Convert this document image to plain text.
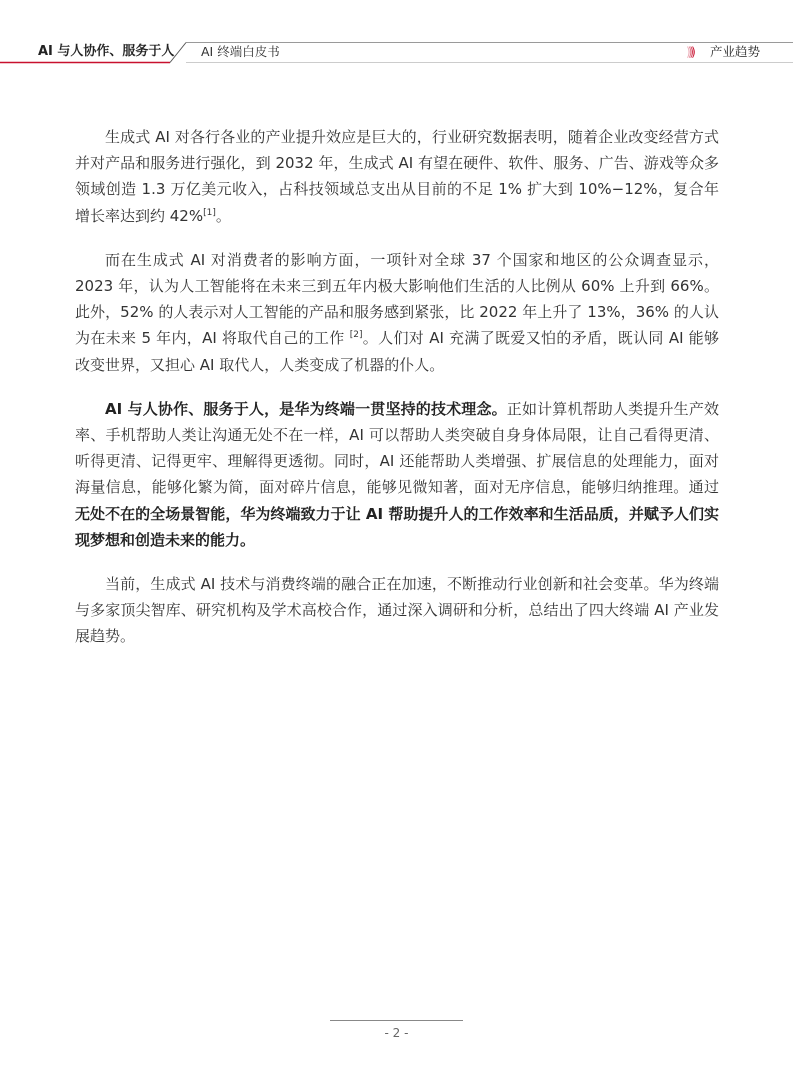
AI 与人协作、服务于人 AI 终端白皮书	)))) 产业趋势

生成式 AI 对各行各业的产业提升效应是巨大的，行业研究数据表明，随着企业改变经营方式并对产品和服务进行强化，到 2032 年，生成式 AI 有望在硬件、软件、服务、广告、游戏等众多领域创造 1.3 万亿美元收入，占科技领域总支出从目前的不足 1% 扩大到 10%−12%，复合年增长率达到约 42%[1]。

而在生成式 AI 对消费者的影响方面，一项针对全球 37 个国家和地区的公众调查显示，2023 年，认为人工智能将在未来三到五年内极大影响他们生活的人比例从 60% 上升到 66%。此外，52% 的人表示对人工智能的产品和服务感到紧张，比 2022 年上升了 13%，36% 的人认为在未来 5 年内，AI 将取代自己的工作 [2]。人们对 AI 充满了既爱又怕的矛盾，既认同 AI 能够改变世界，又担心 AI 取代人，人类变成了机器的仆人。

AI 与人协作、服务于人，是华为终端一贯坚持的技术理念。正如计算机帮助人类提升生产效率、手机帮助人类让沟通无处不在一样，AI 可以帮助人类突破自身身体局限，让自己看得更清、听得更清、记得更牢、理解得更透彻。同时，AI 还能帮助人类增强、扩展信息的处理能力，面对海量信息，能够化繁为简，面对碎片信息，能够见微知著，面对无序信息，能够归纳推理。通过无处不在的全场景智能，华为终端致力于让 AI 帮助提升人的工作效率和生活品质，并赋予人们实现梦想和创造未来的能力。

当前，生成式 AI 技术与消费终端的融合正在加速，不断推动行业创新和社会变革。华为终端与多家顶尖智库、研究机构及学术高校合作，通过深入调研和分析，总结出了四大终端 AI 产业发展趋势。

- 2 -
